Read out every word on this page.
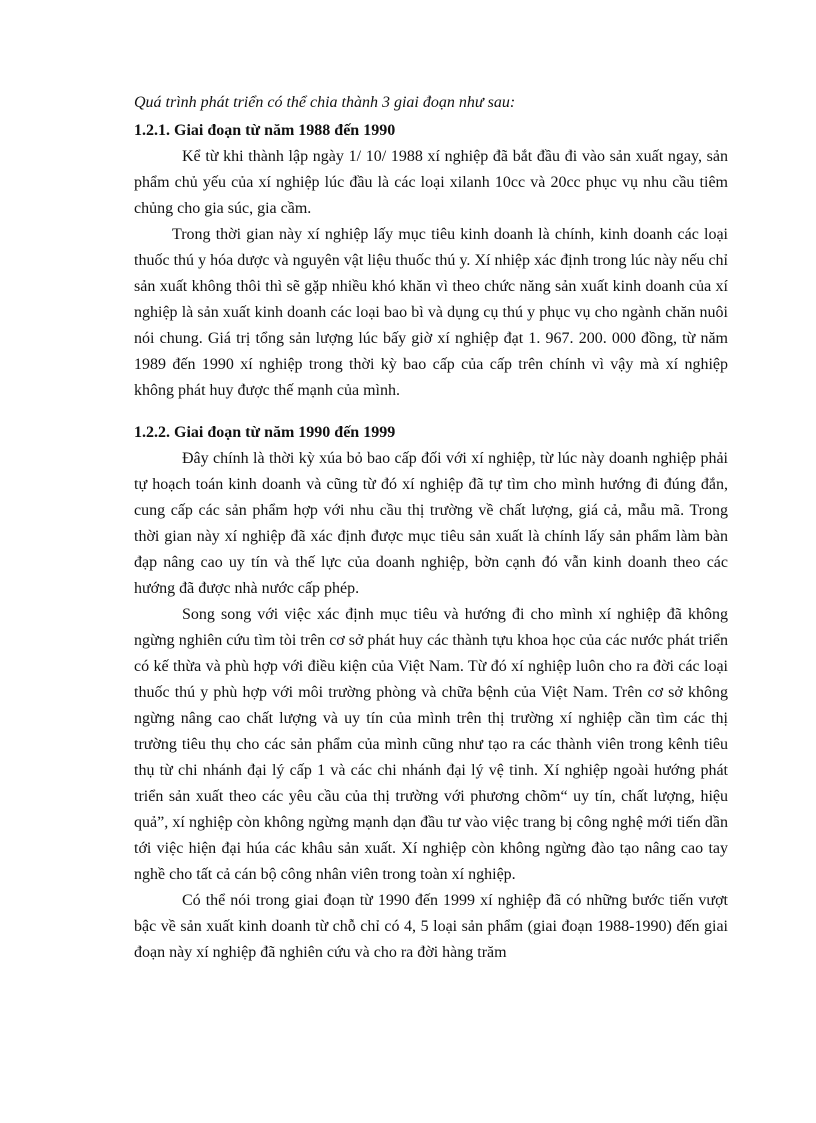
Quá trình phát triển có thể chia thành 3 giai đoạn như sau:

1.2.1. Giai đoạn từ năm 1988 đến 1990

Kể từ khi thành lập ngày 1/ 10/ 1988 xí nghiệp đã bắt đầu đi vào sản xuất ngay, sản phẩm chủ yếu của xí nghiệp lúc đầu là các loại xilanh 10cc và 20cc phục vụ nhu cầu tiêm chủng cho gia súc, gia cầm.

Trong thời gian này xí nghiệp lấy mục tiêu kinh doanh là chính, kinh doanh các loại thuốc thú y hóa dược và nguyên vật liệu thuốc thú y. Xí nhiệp xác định trong lúc này nếu chỉ sản xuất không thôi thì sẽ gặp nhiều khó khăn vì theo chức năng sản xuất kinh doanh của xí nghiệp là sản xuất kinh doanh các loại bao bì và dụng cụ thú y phục vụ cho ngành chăn nuôi nói chung. Giá trị tổng sản lượng lúc bấy giờ xí nghiệp đạt 1. 967. 200. 000 đồng, từ năm 1989 đến 1990 xí nghiệp trong thời kỳ bao cấp của cấp trên chính vì vậy mà xí nghiệp không phát huy được thế mạnh của mình.

1.2.2. Giai đoạn từ năm 1990 đến 1999

Đây chính là thời kỳ xúa bỏ bao cấp đối với xí nghiệp, từ lúc này doanh nghiệp phải tự hoạch toán kinh doanh và cũng từ đó xí nghiệp đã tự tìm cho mình hướng đi đúng đắn, cung cấp các sản phẩm hợp với nhu cầu thị trường về chất lượng, giá cả, mẫu mã. Trong thời gian này xí nghiệp đã xác định được mục tiêu sản xuất là chính lấy sản phẩm làm bàn đạp nâng cao uy tín và thế lực của doanh nghiệp, bờn cạnh đó vẫn kinh doanh theo các hướng đã được nhà nước cấp phép.

Song song với việc xác định mục tiêu và hướng đi cho mình xí nghiệp đã không ngừng nghiên cứu tìm tòi trên cơ sở phát huy các thành tựu khoa học của các nước phát triển có kế thừa và phù hợp với điều kiện của Việt Nam. Từ đó xí nghiệp luôn cho ra đời các loại thuốc thú y phù hợp với môi trường phòng và chữa bệnh của Việt Nam. Trên cơ sở không ngừng nâng cao chất lượng và uy tín của mình trên thị trường xí nghiệp cần tìm các thị trường tiêu thụ cho các sản phẩm của mình cũng như tạo ra các thành viên trong kênh tiêu thụ từ chi nhánh đại lý cấp 1 và các chi nhánh đại lý vệ tinh. Xí nghiệp ngoài hướng phát triển sản xuất theo các yêu cầu của thị trường với phương chõm“ uy tín, chất lượng, hiệu quả”, xí nghiệp còn không ngừng mạnh dạn đầu tư vào việc trang bị công nghệ mới tiến dần tới việc hiện đại húa các khâu sản xuất. Xí nghiệp còn không ngừng đào tạo nâng cao tay nghề cho tất cả cán bộ công nhân viên trong toàn xí nghiệp.

Có thể nói trong giai đoạn từ 1990 đến 1999 xí nghiệp đã có những bước tiến vượt bậc về sản xuất kinh doanh từ chỗ chỉ có 4, 5 loại sản phẩm (giai đoạn 1988-1990) đến giai đoạn này xí nghiệp đã nghiên cứu và cho ra đời hàng trăm
